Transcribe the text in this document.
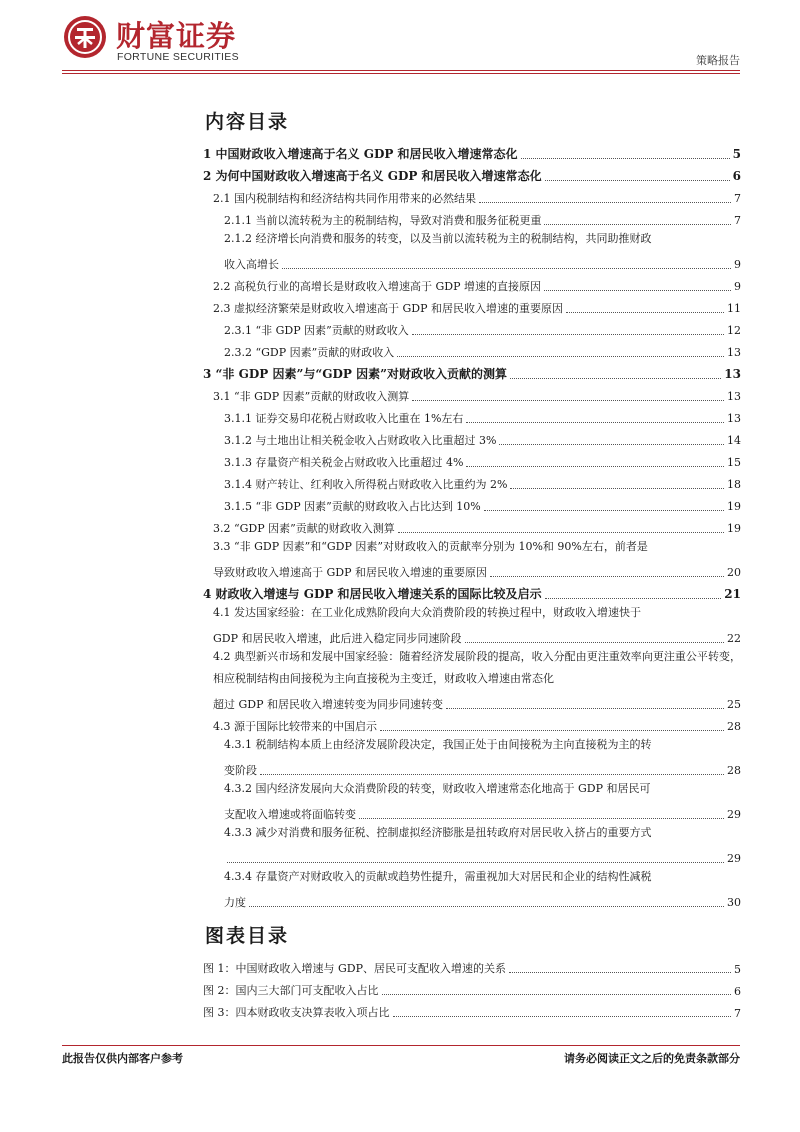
财富证券
FORTUNE SECURITIES	策略报告

内容目录
1 中国财政收入增速高于名义 GDP 和居民收入增速常态化	5
2 为何中国财政收入增速高于名义 GDP 和居民收入增速常态化	6
2.1 国内税制结构和经济结构共同作用带来的必然结果	7
2.1.1 当前以流转税为主的税制结构，导致对消费和服务征税更重	7
2.1.2 经济增长向消费和服务的转变，以及当前以流转税为主的税制结构，共同助推财政
收入高增长	9
2.2 高税负行业的高增长是财政收入增速高于 GDP 增速的直接原因	9
2.3 虚拟经济繁荣是财政收入增速高于 GDP 和居民收入增速的重要原因	11
2.3.1 “非 GDP 因素”贡献的财政收入	12
2.3.2 “GDP 因素”贡献的财政收入	13
3 “非 GDP 因素”与“GDP 因素”对财政收入贡献的测算	13
3.1 “非 GDP 因素”贡献的财政收入测算	13
3.1.1 证券交易印花税占财政收入比重在 1%左右	13
3.1.2 与土地出让相关税金收入占财政收入比重超过 3%	14
3.1.3 存量资产相关税金占财政收入比重超过 4%	15
3.1.4 财产转让、红利收入所得税占财政收入比重约为 2%	18
3.1.5 “非 GDP 因素”贡献的财政收入占比达到 10%	19
3.2 “GDP 因素”贡献的财政收入测算	19
3.3 “非 GDP 因素”和“GDP 因素”对财政收入的贡献率分别为 10%和 90%左右，前者是
导致财政收入增速高于 GDP 和居民收入增速的重要原因	20
4 财政收入增速与 GDP 和居民收入增速关系的国际比较及启示	21
4.1 发达国家经验：在工业化成熟阶段向大众消费阶段的转换过程中，财政收入增速快于
GDP 和居民收入增速，此后进入稳定同步同速阶段	22
4.2 典型新兴市场和发展中国家经验：随着经济发展阶段的提高，收入分配由更注重效率向更注重公平转变，相应税制结构由间接税为主向直接税为主变迁，财政收入增速由常态化
超过 GDP 和居民收入增速转变为同步同速转变	25
4.3 源于国际比较带来的中国启示	28
4.3.1 税制结构本质上由经济发展阶段决定，我国正处于由间接税为主向直接税为主的转
变阶段	28
4.3.2 国内经济发展向大众消费阶段的转变，财政收入增速常态化地高于 GDP 和居民可
支配收入增速或将面临转变	29
4.3.3 减少对消费和服务征税、控制虚拟经济膨胀是扭转政府对居民收入挤占的重要方式
29
4.3.4 存量资产对财政收入的贡献或趋势性提升，需重视加大对居民和企业的结构性减税
力度	30
图表目录
图 1：中国财政收入增速与 GDP、居民可支配收入增速的关系	5
图 2：国内三大部门可支配收入占比	6
图 3：四本财政收支决算表收入项占比	7
此报告仅供内部客户参考	请务必阅读正文之后的免责条款部分
